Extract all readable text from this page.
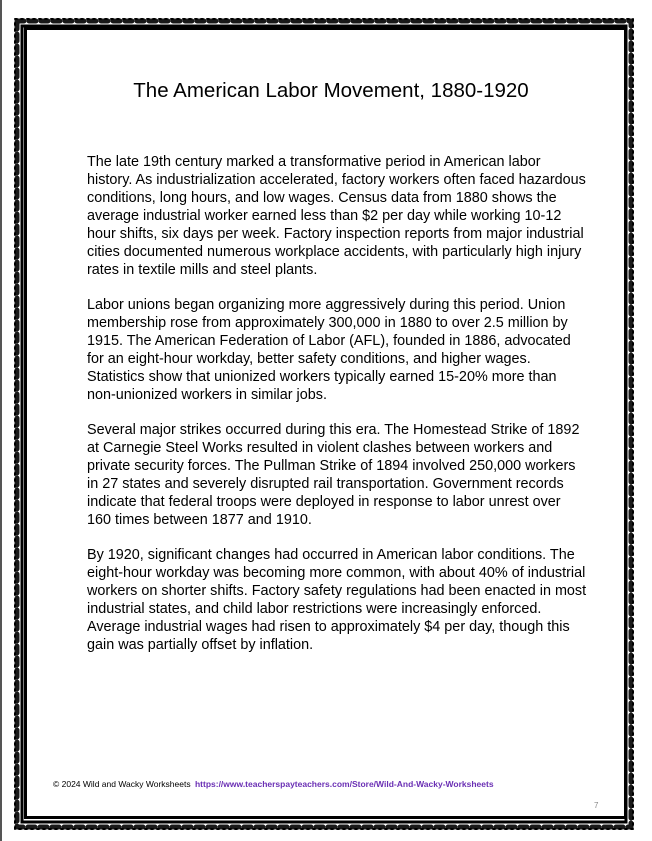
The American Labor Movement, 1880-1920

The late 19th century marked a transformative period in American labor history. As industrialization accelerated, factory workers often faced hazardous conditions, long hours, and low wages. Census data from 1880 shows the average industrial worker earned less than $2 per day while working 10-12 hour shifts, six days per week. Factory inspection reports from major industrial cities documented numerous workplace accidents, with particularly high injury rates in textile mills and steel plants.

Labor unions began organizing more aggressively during this period. Union membership rose from approximately 300,000 in 1880 to over 2.5 million by 1915. The American Federation of Labor (AFL), founded in 1886, advocated for an eight-hour workday, better safety conditions, and higher wages. Statistics show that unionized workers typically earned 15-20% more than non-unionized workers in similar jobs.

Several major strikes occurred during this era. The Homestead Strike of 1892 at Carnegie Steel Works resulted in violent clashes between workers and private security forces. The Pullman Strike of 1894 involved 250,000 workers in 27 states and severely disrupted rail transportation. Government records indicate that federal troops were deployed in response to labor unrest over 160 times between 1877 and 1910.

By 1920, significant changes had occurred in American labor conditions. The eight-hour workday was becoming more common, with about 40% of industrial workers on shorter shifts. Factory safety regulations had been enacted in most industrial states, and child labor restrictions were increasingly enforced. Average industrial wages had risen to approximately $4 per day, though this gain was partially offset by inflation.

© 2024 Wild and Wacky Worksheets https://www.teacherspayteachers.com/Store/Wild-And-Wacky-Worksheets
7
